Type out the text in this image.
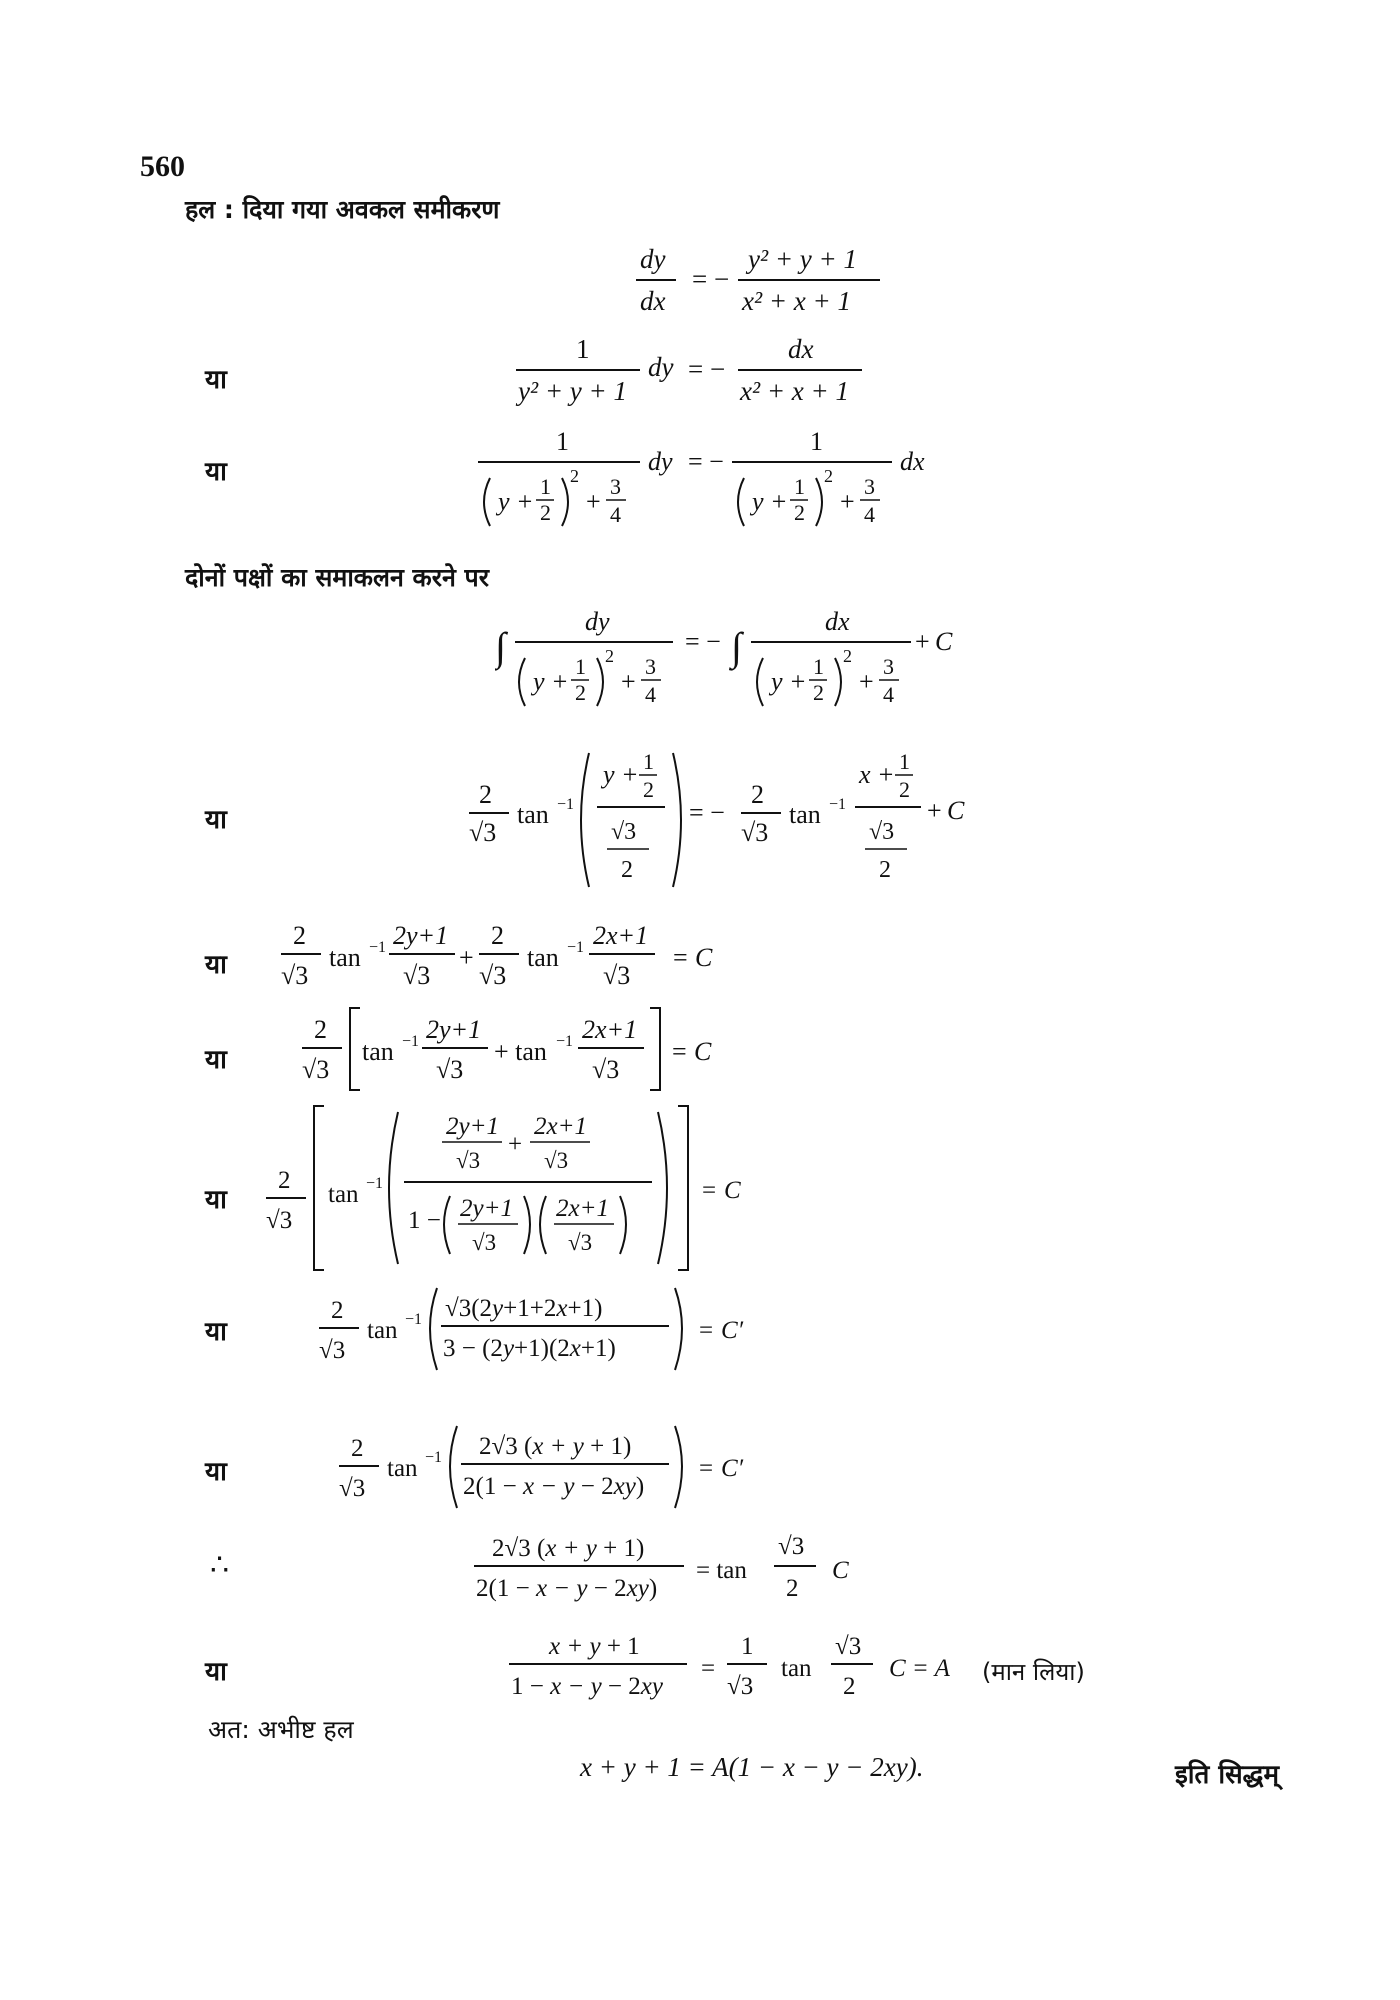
560
हल : दिया गया अवकल समीकरण
dy
dx
= −
y² + y + 1
x² + x + 1
या
1
y² + y + 1
dy = −
dx
x² + x + 1
या
1
y +
1
2
2
+
3
4
dy = −
1
y +
1
2
2
+
3
4
dx
दोनों पक्षों का समाकलन करने पर
∫
dy
y +
1
2
2
+
3
4
= − ∫
dx
y +
1
2
2
+
3
4
+ C
या
2
√3
tan −1
y + 1
2
√3
2
= −
2
√3
tan −1
x + 1
2
√3
2
+ C
या
2
√3
tan −1 2y+1
√3
+
2
√3
tan −1 2x+1
√3
= C
या
2
√3
tan −1 2y+1
√3
+ tan −1 2x+1
√3
= C
या
2
√3
tan −1
2y+1
√3
+
2x+1
√3
1 − 2y+1
√3
2x+1
√3
= C
या
2
√3
tan −1 √3(2y+1+2x+1)
3 − (2y+1)(2x+1)
= C′
या
2
√3
tan −1 2√3 (x + y + 1)
2(1 − x − y − 2xy)
= C′
∴	2√3 (x + y + 1)
2(1 − x − y − 2xy)
= tan
√3
2
C
या
x + y + 1
1 − x − y − 2xy
=
1
√3
tan
√3
2
C = A (मान लिया)
अत: अभीष्ट हल
x + y + 1 = A(1 − x − y − 2xy).	इति सिद्धम्
